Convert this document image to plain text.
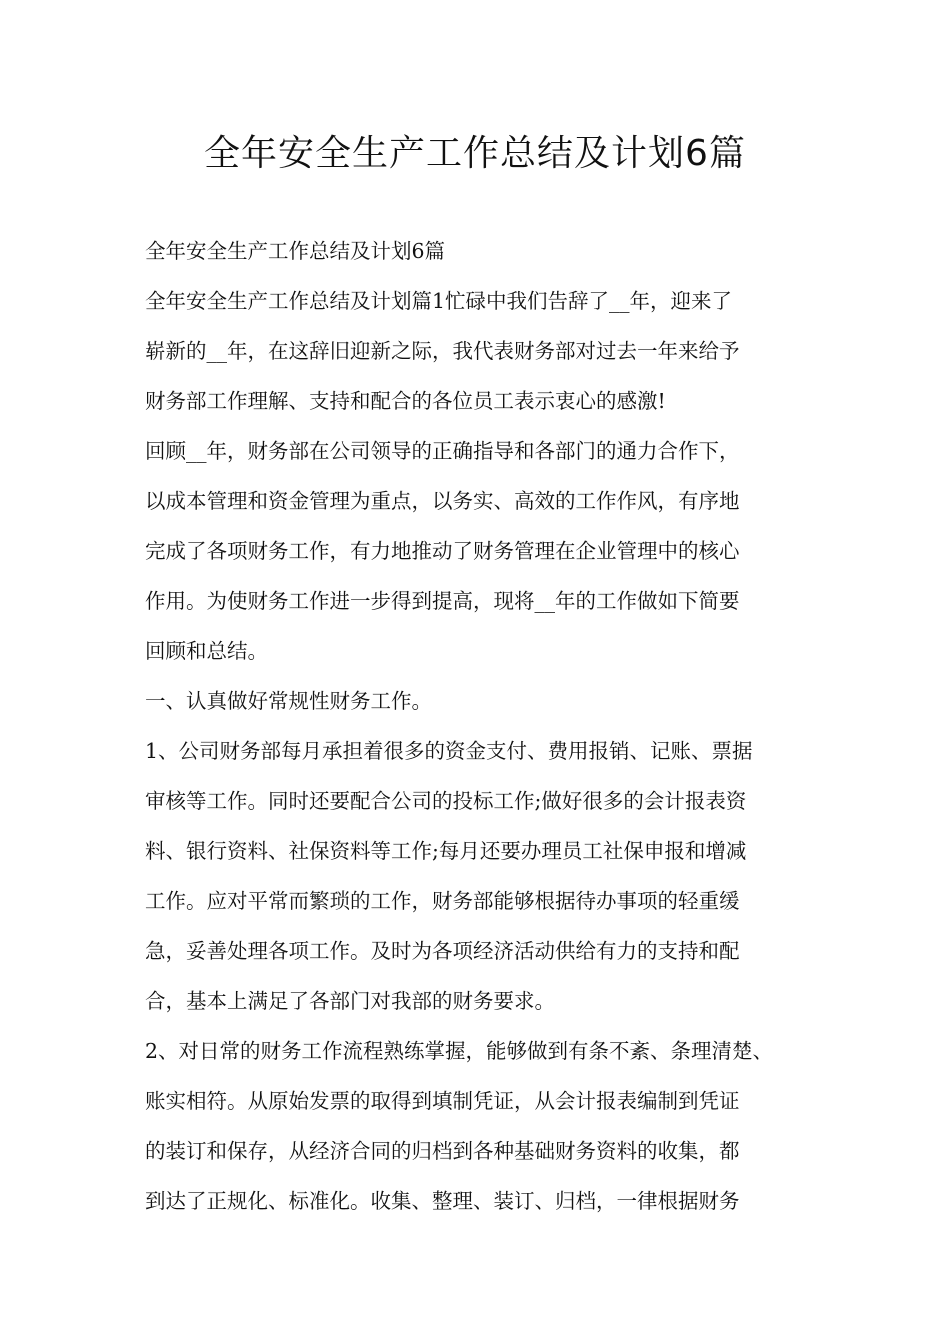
全年安全生产工作总结及计划6篇
全年安全生产工作总结及计划6篇
全年安全生产工作总结及计划篇1忙碌中我们告辞了__年，迎来了
崭新的__年，在这辞旧迎新之际，我代表财务部对过去一年来给予
财务部工作理解、支持和配合的各位员工表示衷心的感激!
回顾__年，财务部在公司领导的正确指导和各部门的通力合作下，
以成本管理和资金管理为重点，以务实、高效的工作作风，有序地
完成了各项财务工作，有力地推动了财务管理在企业管理中的核心
作用。为使财务工作进一步得到提高，现将__年的工作做如下简要
回顾和总结。
一、认真做好常规性财务工作。
1、公司财务部每月承担着很多的资金支付、费用报销、记账、票据
审核等工作。同时还要配合公司的投标工作;做好很多的会计报表资
料、银行资料、社保资料等工作;每月还要办理员工社保申报和增减
工作。应对平常而繁琐的工作，财务部能够根据待办事项的轻重缓
急，妥善处理各项工作。及时为各项经济活动供给有力的支持和配
合，基本上满足了各部门对我部的财务要求。
2、对日常的财务工作流程熟练掌握，能够做到有条不紊、条理清楚、
账实相符。从原始发票的取得到填制凭证，从会计报表编制到凭证
的装订和保存，从经济合同的归档到各种基础财务资料的收集，都
到达了正规化、标准化。收集、整理、装订、归档，一律根据财务
